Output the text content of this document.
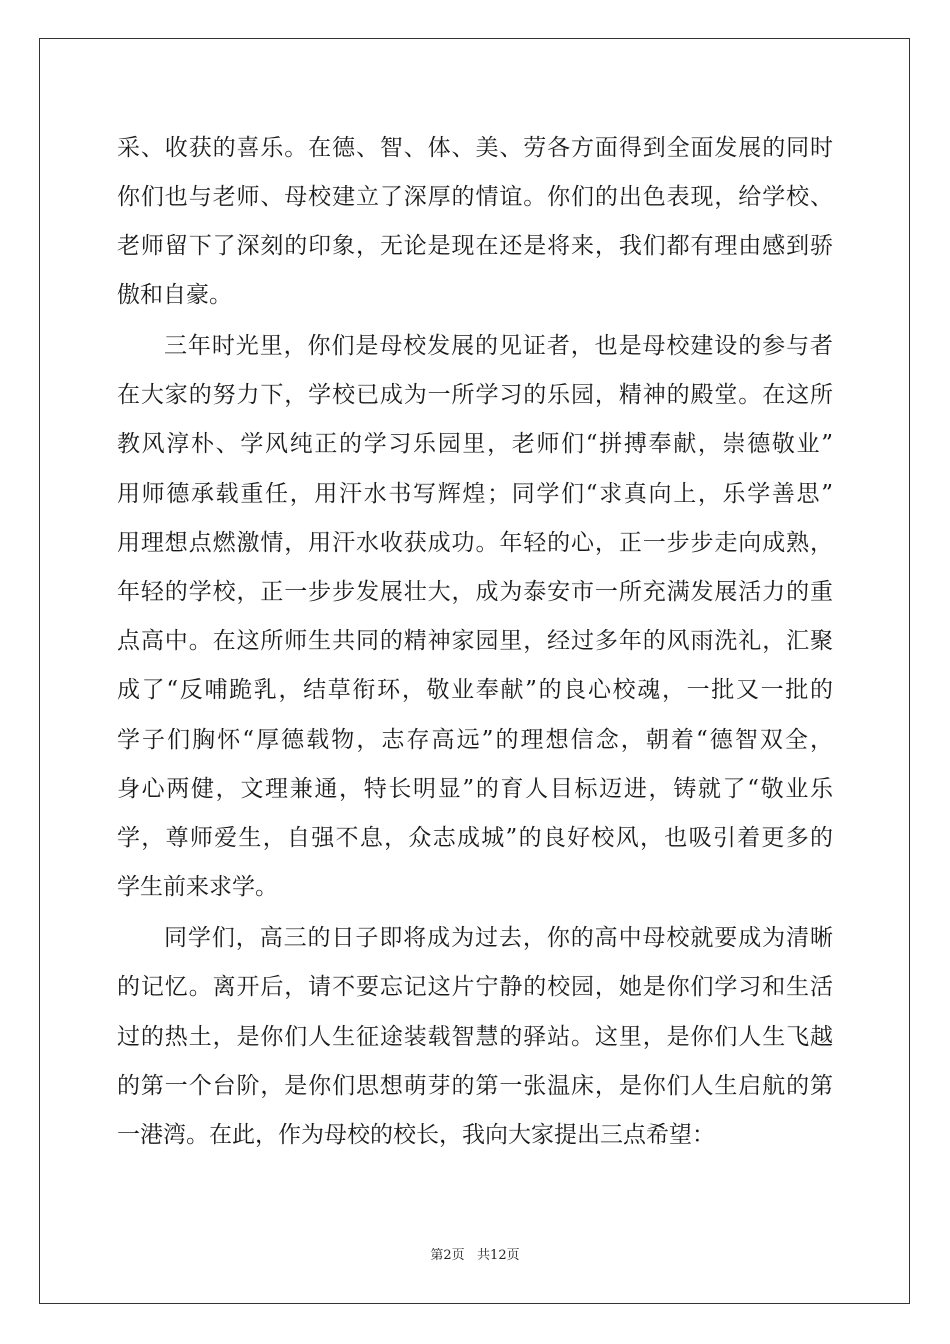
采、收获的喜乐。在德、智、体、美、劳各方面得到全面发展的同时
你们也与老师、母校建立了深厚的情谊。你们的出色表现，给学校、
老师留下了深刻的印象，无论是现在还是将来，我们都有理由感到骄
傲和自豪。
三年时光里，你们是母校发展的见证者，也是母校建设的参与者
在大家的努力下，学校已成为一所学习的乐园，精神的殿堂。在这所
教风淳朴、学风纯正的学习乐园里，老师们“拼搏奉献，崇德敬业”
用师德承载重任，用汗水书写辉煌；同学们“求真向上，乐学善思”
用理想点燃激情，用汗水收获成功。年轻的心，正一步步走向成熟，
年轻的学校，正一步步发展壮大，成为泰安市一所充满发展活力的重
点高中。在这所师生共同的精神家园里，经过多年的风雨洗礼，汇聚
成了“反哺跪乳，结草衔环，敬业奉献”的良心校魂，一批又一批的
学子们胸怀“厚德载物，志存高远”的理想信念，朝着“德智双全，
身心两健，文理兼通，特长明显”的育人目标迈进，铸就了“敬业乐
学，尊师爱生，自强不息，众志成城”的良好校风，也吸引着更多的
学生前来求学。
同学们，高三的日子即将成为过去，你的高中母校就要成为清晰
的记忆。离开后，请不要忘记这片宁静的校园，她是你们学习和生活
过的热土，是你们人生征途装载智慧的驿站。这里，是你们人生飞越
的第一个台阶，是你们思想萌芽的第一张温床，是你们人生启航的第
一港湾。在此，作为母校的校长，我向大家提出三点希望：
第2页   共12页
